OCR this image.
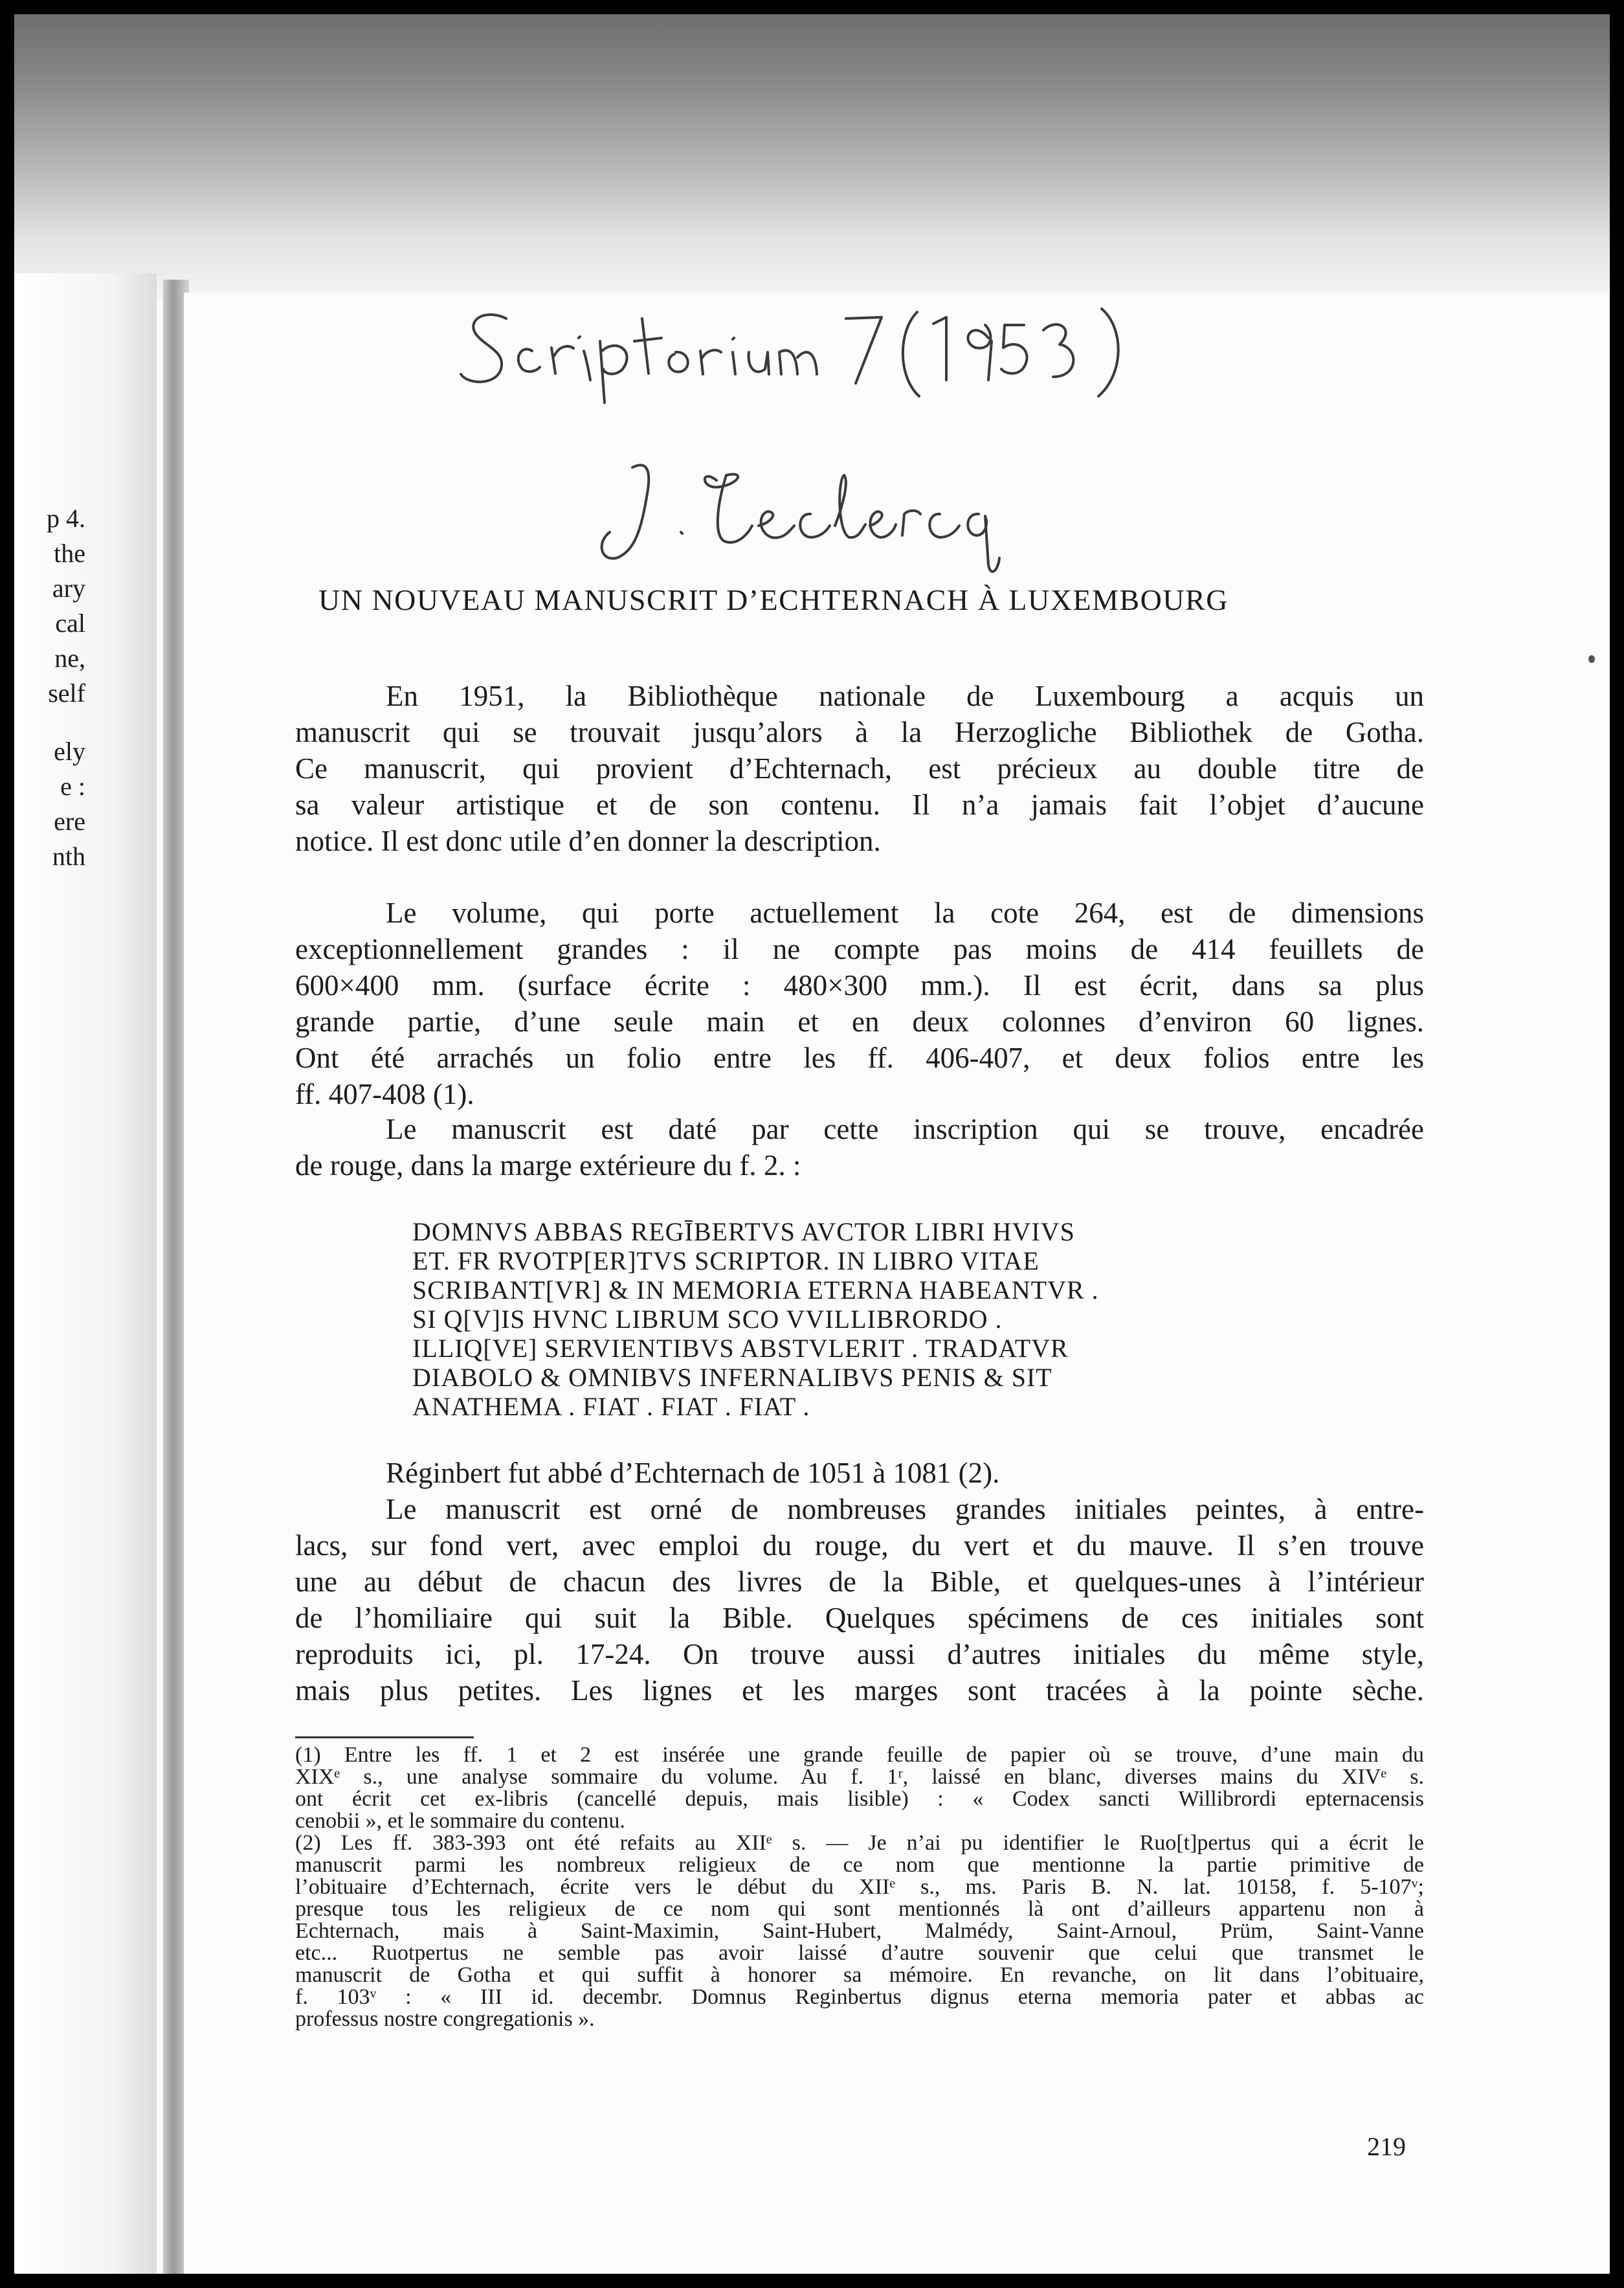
p 4.
the
ary
cal
ne,
self
ely
e :
ere
nth
UN NOUVEAU MANUSCRIT D’ECHTERNACH À LUXEMBOURG
En 1951, la Bibliothèque nationale de Luxembourg a acquis un
manuscrit qui se trouvait jusqu’alors à la Herzogliche Bibliothek de Gotha.
Ce manuscrit, qui provient d’Echternach, est précieux au double titre de
sa valeur artistique et de son contenu. Il n’a jamais fait l’objet d’aucune
notice. Il est donc utile d’en donner la description.
Le volume, qui porte actuellement la cote 264, est de dimensions
exceptionnellement grandes : il ne compte pas moins de 414 feuillets de
600×400 mm. (surface écrite : 480×300 mm.). Il est écrit, dans sa plus
grande partie, d’une seule main et en deux colonnes d’environ 60 lignes.
Ont été arrachés un folio entre les ff. 406-407, et deux folios entre les
ff. 407-408 (1).
Le manuscrit est daté par cette inscription qui se trouve, encadrée
de rouge, dans la marge extérieure du f. 2. :
DOMNVS ABBAS REGĪBERTVS AVCTOR LIBRI HVIVS
ET. FR RVOTP[ER]TVS SCRIPTOR. IN LIBRO VITAE
SCRIBANT[VR] & IN MEMORIA ETERNA HABEANTVR .
SI Q[V]IS HVNC LIBRUM SCO VVILLIBRORDO .
ILLIQ[VE] SERVIENTIBVS ABSTVLERIT . TRADATVR
DIABOLO & OMNIBVS INFERNALIBVS PENIS & SIT
ANATHEMA . FIAT . FIAT . FIAT .
Réginbert fut abbé d’Echternach de 1051 à 1081 (2).
Le manuscrit est orné de nombreuses grandes initiales peintes, à entre-
lacs, sur fond vert, avec emploi du rouge, du vert et du mauve. Il s’en trouve
une au début de chacun des livres de la Bible, et quelques-unes à l’intérieur
de l’homiliaire qui suit la Bible. Quelques spécimens de ces initiales sont
reproduits ici, pl. 17-24. On trouve aussi d’autres initiales du même style,
mais plus petites. Les lignes et les marges sont tracées à la pointe sèche.
(1) Entre les ff. 1 et 2 est insérée une grande feuille de papier où se trouve, d’une main du
XIXᵉ s., une analyse sommaire du volume. Au f. 1ʳ, laissé en blanc, diverses mains du XIVᵉ s.
ont écrit cet ex-libris (cancellé depuis, mais lisible) : « Codex sancti Willibrordi epternacensis
cenobii », et le sommaire du contenu.
(2) Les ff. 383-393 ont été refaits au XIIᵉ s. — Je n’ai pu identifier le Ruo[t]pertus qui a écrit le
manuscrit parmi les nombreux religieux de ce nom que mentionne la partie primitive de
l’obituaire d’Echternach, écrite vers le début du XIIᵉ s., ms. Paris B. N. lat. 10158, f. 5-107ᵛ;
presque tous les religieux de ce nom qui sont mentionnés là ont d’ailleurs appartenu non à
Echternach, mais à Saint-Maximin, Saint-Hubert, Malmédy, Saint-Arnoul, Prüm, Saint-Vanne
etc... Ruotpertus ne semble pas avoir laissé d’autre souvenir que celui que transmet le
manuscrit de Gotha et qui suffit à honorer sa mémoire. En revanche, on lit dans l’obituaire,
f. 103ᵛ : « III id. decembr. Domnus Reginbertus dignus eterna memoria pater et abbas ac
professus nostre congregationis ».
219
